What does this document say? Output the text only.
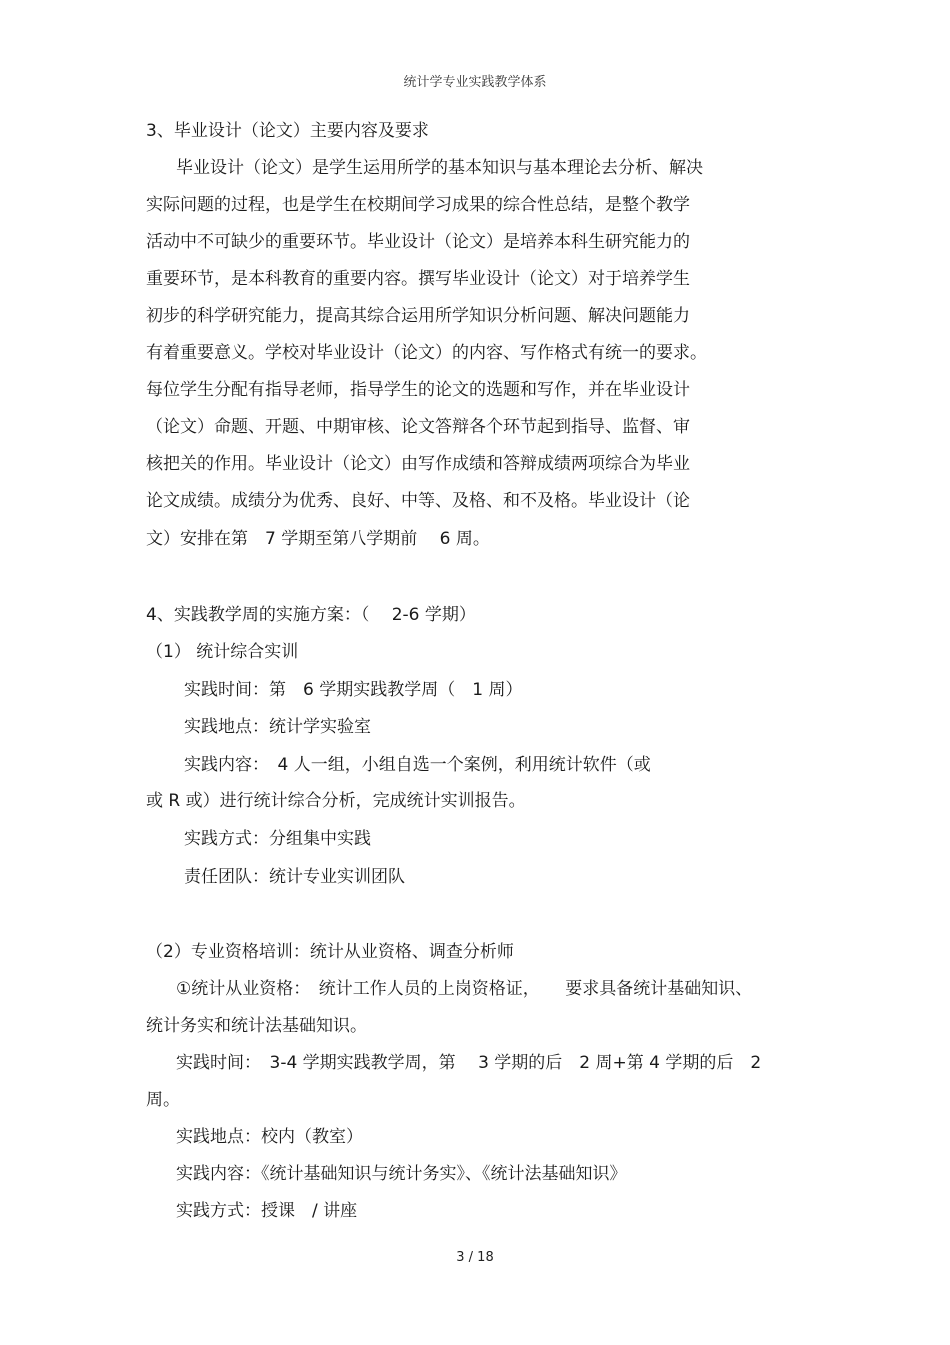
统计学专业实践教学体系
3、毕业设计（论文）主要内容及要求
毕业设计（论文）是学生运用所学的基本知识与基本理论去分析、解决
实际问题的过程，也是学生在校期间学习成果的综合性总结，是整个教学
活动中不可缺少的重要环节。毕业设计（论文）是培养本科生研究能力的
重要环节，是本科教育的重要内容。撰写毕业设计（论文）对于培养学生
初步的科学研究能力，提高其综合运用所学知识分析问题、解决问题能力
有着重要意义。学校对毕业设计（论文）的内容、写作格式有统一的要求。
每位学生分配有指导老师，指导学生的论文的选题和写作，并在毕业设计
（论文）命题、开题、中期审核、论文答辩各个环节起到指导、监督、审
核把关的作用。毕业设计（论文）由写作成绩和答辩成绩两项综合为毕业
论文成绩。成绩分为优秀、良好、中等、及格、和不及格。毕业设计（论
文）安排在第　7 学期至第八学期前　 6 周。
4、实践教学周的实施方案：（　 2-6 学期）
（1） 统计综合实训
实践时间：第　6 学期实践教学周（　1 周）
实践地点：统计学实验室
实践内容：　4 人一组，小组自选一个案例，利用统计软件（或
或 R 或）进行统计综合分析，完成统计实训报告。
实践方式：分组集中实践
责任团队：统计专业实训团队
（2）专业资格培训：统计从业资格、调查分析师
①统计从业资格：　统计工作人员的上岗资格证，　　要求具备统计基础知识、
统计务实和统计法基础知识。
实践时间：　3-4 学期实践教学周，第　 3 学期的后　2 周+第 4 学期的后　2
周。
实践地点：校内（教室）
实践内容：《统计基础知识与统计务实》、《统计法基础知识》
实践方式：授课　/ 讲座
3 / 18
